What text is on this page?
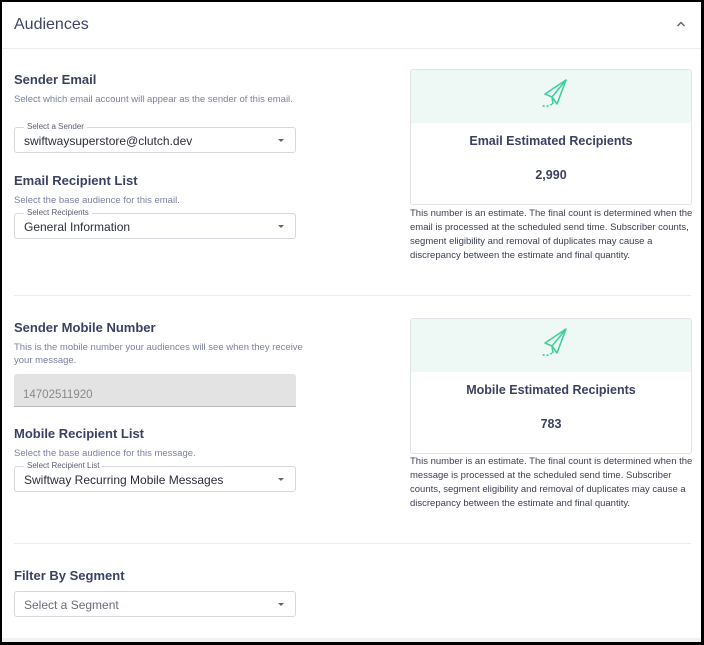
Audiences
Sender Email
Select which email account will appear as the sender of this email.
Select a Sender
swiftwaysuperstore@clutch.dev
Email Recipient List
Select the base audience for this email.
Select Recipients
General Information
Email Estimated Recipients
2,990
This number is an estimate. The final count is determined when the email is processed at the scheduled send time. Subscriber counts, segment eligibility and removal of duplicates may cause a discrepancy between the estimate and final quantity.
Sender Mobile Number
This is the mobile number your audiences will see when they receive your message.
14702511920
Mobile Recipient List
Select the base audience for this message.
Select Recipient List
Swiftway Recurring Mobile Messages
Mobile Estimated Recipients
783
This number is an estimate. The final count is determined when the message is processed at the scheduled send time. Subscriber counts, segment eligibility and removal of duplicates may cause a discrepancy between the estimate and final quantity.
Filter By Segment
Select a Segment
